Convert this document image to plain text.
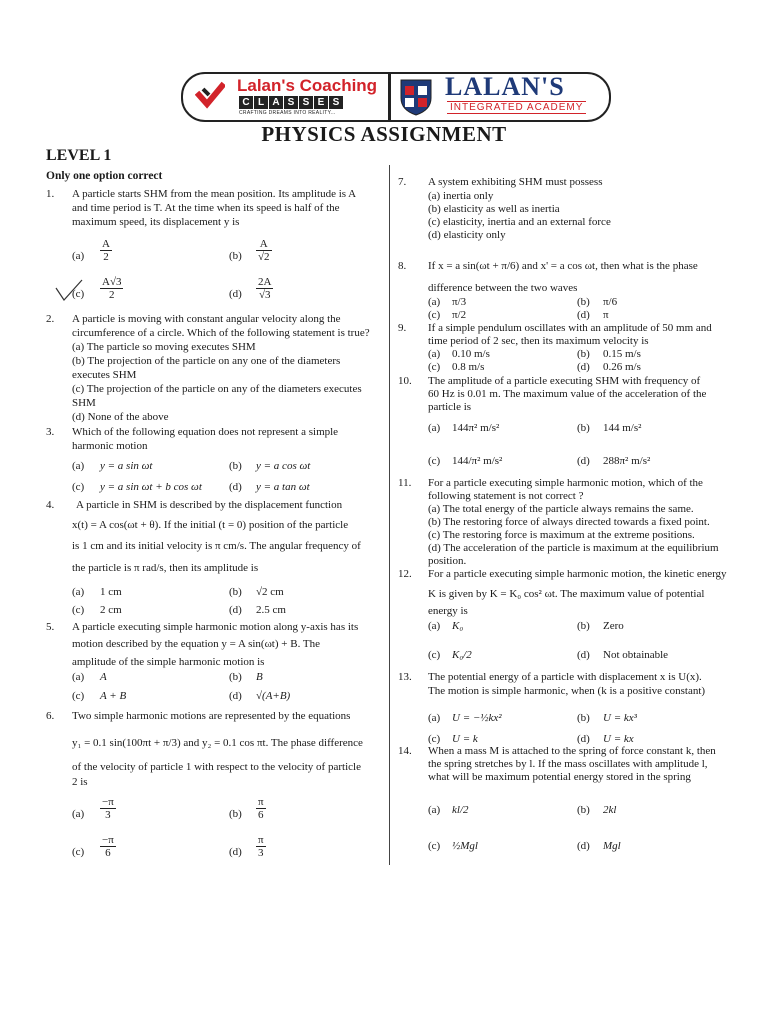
Lalan's Coaching
C L A S S E S
CRAFTING DREAMS INTO REALITY...
LALAN'S
INTEGRATED ACADEMY
PHYSICS ASSIGNMENT
LEVEL 1
Only one option correct
1. A particle starts SHM from the mean position. Its amplitude is A
and time period is T. At the time when its speed is half of the
maximum speed, its displacement y is
$(a) \frac{A}{2}$	$(b) \frac{A}{√2}$
$(c) \frac{A√3}{2}$	$(d) \frac{2A}{√3}$
2. A particle is moving with constant angular velocity along the
circumference of a circle. Which of the following statement is true?
(a) The particle so moving executes SHM
(b) The projection of the particle on any one of the diameters
executes SHM
(c) The projection of the particle on any of the diameters executes
SHM
(d) None of the above
3. Which of the following equation does not represent a simple
harmonic motion
(a) y = a sin ωt	(b) y = a cos ωt
(c) y = a sin ωt + b cos ωt (d) y = a tan ωt
4. A particle in SHM is described by the displacement function
x(t) = A cos(ωt + θ). If the initial (t = 0) position of the particle
is 1 cm and its initial velocity is π cm/s. The angular frequency of
the particle is π rad/s, then its amplitude is
(a) 1 cm	(b) √2 cm
(c) 2 cm	(d) 2.5 cm
5. A particle executing simple harmonic motion along y-axis has its
motion described by the equation y = A sin(ωt) + B. The
amplitude of the simple harmonic motion is
(a) A	(b) B
(c) A + B	(d) √(A+B)
6. Two simple harmonic motions are represented by the equations
y₁ = 0.1 sin(100πt + π/3) and y₂ = 0.1 cos πt. The phase difference
of the velocity of particle 1 with respect to the velocity of particle
2 is
$(a) \frac{-\pi}{3}$	$(b) \frac{\pi}{6}$
$(c) \frac{-\pi}{6}$	$(d) \frac{\pi}{3}$
7. A system exhibiting SHM must possess
(a) inertia only
(b) elasticity as well as inertia
(c) elasticity, inertia and an external force
(d) elasticity only
8. If x = a sin(ωt + π/6) and x' = a cos ωt, then what is the phase
difference between the two waves
(a) π/3	(b) π/6
(c) π/2	(d) π
9. If a simple pendulum oscillates with an amplitude of 50 mm and
time period of 2 sec, then its maximum velocity is
(a) 0.10 m/s	(b) 0.15 m/s
(c) 0.8 m/s	(d) 0.26 m/s
10. The amplitude of a particle executing SHM with frequency of
60 Hz is 0.01 m. The maximum value of the acceleration of the
particle is
(a) 144π² m/s²	(b) 144 m/s²
(c) 144/π² m/s²	(d) 288π² m/s²
11. For a particle executing simple harmonic motion, which of the
following statement is not correct ?
(a) The total energy of the particle always remains the same.
(b) The restoring force of always directed towards a fixed point.
(c) The restoring force is maximum at the extreme positions.
(d) The acceleration of the particle is maximum at the equilibrium
position.
12. For a particle executing simple harmonic motion, the kinetic energy
K is given by K = K₀ cos² ωt. The maximum value of potential
energy is
(a) K₀	(b) Zero
(c) K₀/2	(d) Not obtainable
13. The potential energy of a particle with displacement x is U(x).
The motion is simple harmonic, when (k is a positive constant)
(a) U = −½kx²	(b) U = kx³
(c) U = k	(d) U = kx
14. When a mass M is attached to the spring of force constant k, then
the spring stretches by l. If the mass oscillates with amplitude l,
what will be maximum potential energy stored in the spring
(a) kl/2	(b) 2kl
(c) ½Mgl	(d) Mgl
